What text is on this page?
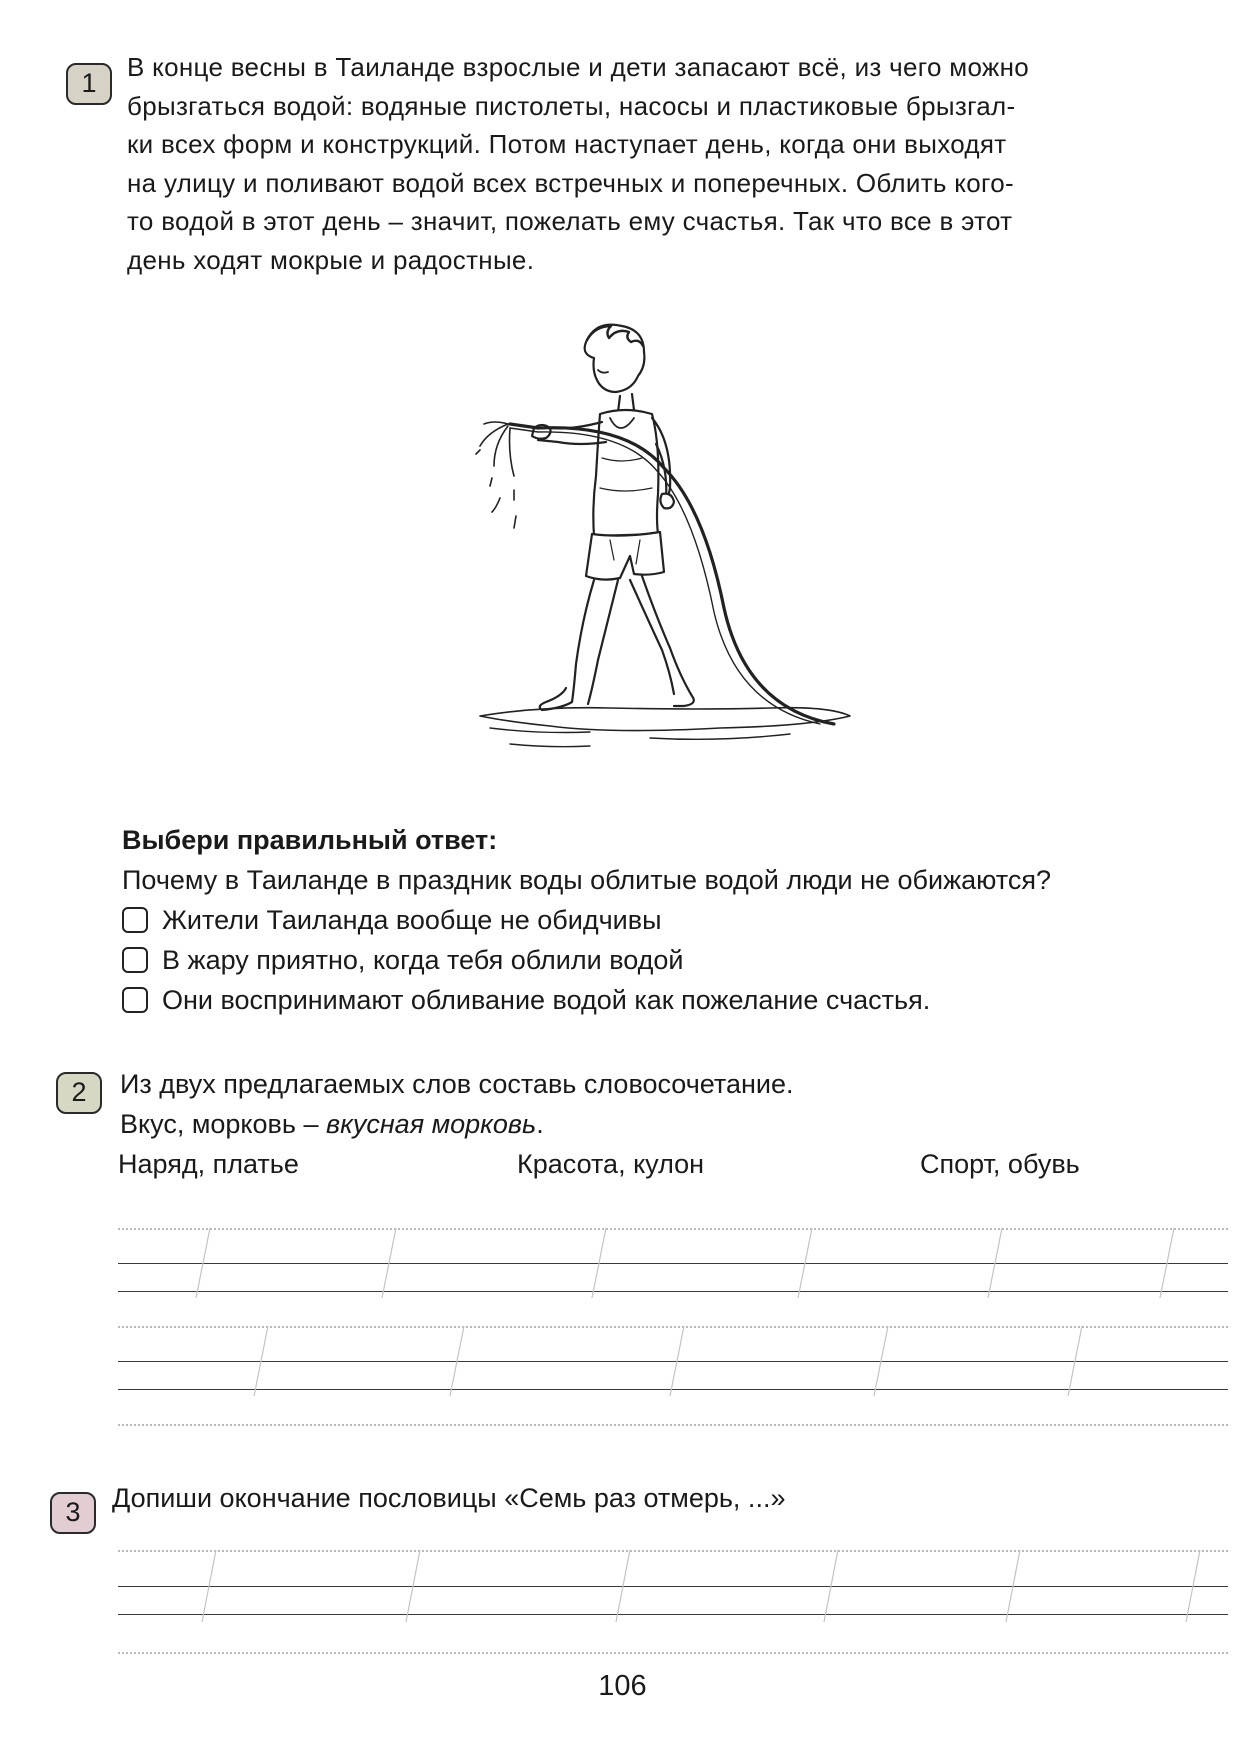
1
В конце весны в Таиланде взрослые и дети запасают всё, из чего можно
брызгаться водой: водяные пистолеты, насосы и пластиковые брызгал-
ки всех форм и конструкций. Потом наступает день, когда они выходят
на улицу и поливают водой всех встречных и поперечных. Облить кого-
то водой в этот день – значит, пожелать ему счастья. Так что все в этот
день ходят мокрые и радостные.
Выбери правильный ответ:
Почему в Таиланде в праздник воды облитые водой люди не обижаются?
Жители Таиланда вообще не обидчивы
В жару приятно, когда тебя облили водой
Они воспринимают обливание водой как пожелание счастья.
2	Из двух предлагаемых слов составь словосочетание.
Вкус, морковь – вкусная морковь.
Наряд, платье	Красота, кулон	Спорт, обувь
3	Допиши окончание пословицы «Семь раз отмерь, ...»
106
